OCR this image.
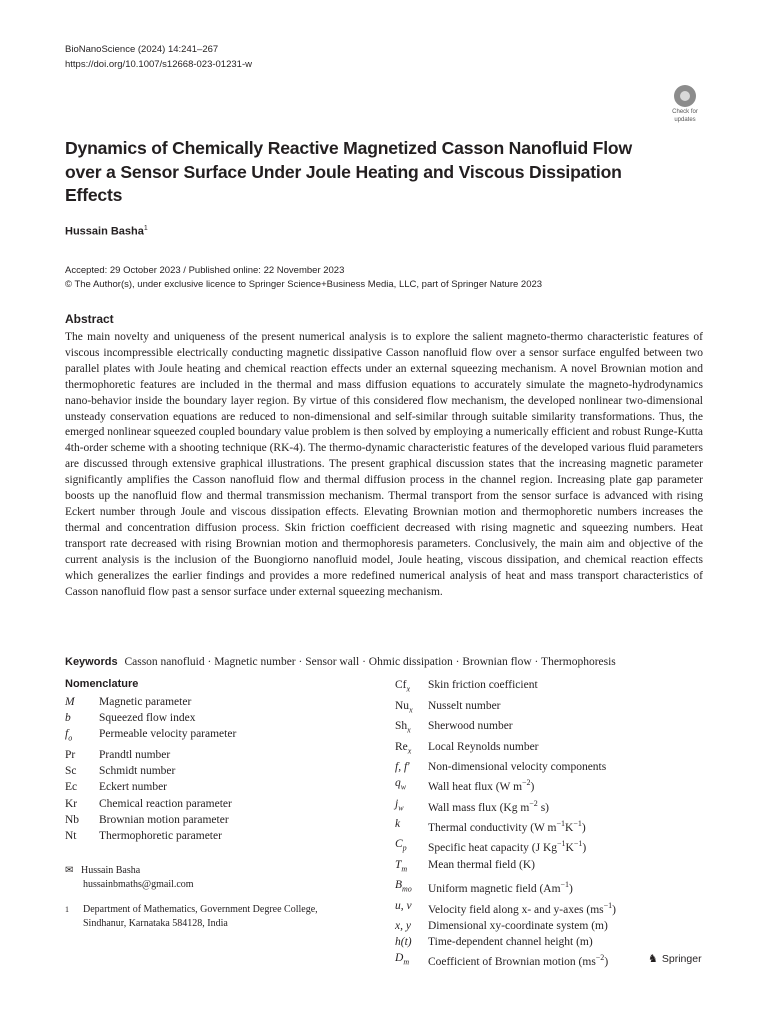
BioNanoScience (2024) 14:241–267
https://doi.org/10.1007/s12668-023-01231-w
Check for
updates
Dynamics of Chemically Reactive Magnetized Casson Nanofluid Flow over a Sensor Surface Under Joule Heating and Viscous Dissipation Effects
Hussain Basha$^1$
Accepted: 29 October 2023 / Published online: 22 November 2023
© The Author(s), under exclusive licence to Springer Science+Business Media, LLC, part of Springer Nature 2023
Abstract
The main novelty and uniqueness of the present numerical analysis is to explore the salient magneto-thermo characteristic features of viscous incompressible electrically conducting magnetic dissipative Casson nanofluid flow over a sensor surface engulfed between two parallel plates with Joule heating and chemical reaction effects under an external squeezing mechanism. A novel Brownian motion and thermophoretic features are included in the thermal and mass diffusion equations to accurately simulate the magneto-hydrodynamics nano-behavior inside the boundary layer region. By virtue of this considered flow mechanism, the developed nonlinear two-dimensional unsteady conservation equations are reduced to non-dimensional and self-similar through suitable similarity transformations. Thus, the emerged nonlinear squeezed coupled boundary value problem is then solved by employing a numerically efficient and robust Runge-Kutta 4th-order scheme with a shooting technique (RK-4). The thermo-dynamic characteristic features of the developed various fluid parameters are discussed through extensive graphical illustrations. The present graphical discussion states that the increasing magnetic parameter significantly amplifies the Casson nanofluid flow and thermal diffusion process in the channel region. Increasing plate gap parameter boosts up the nanofluid flow and thermal transmission mechanism. Thermal transport from the sensor surface is advanced with rising Eckert number through Joule and viscous dissipation effects. Elevating Brownian motion and thermophoretic numbers increases the thermal and concentration diffusion process. Skin friction coefficient decreased with rising magnetic and squeezing numbers. Heat transport rate decreased with rising Brownian motion and thermophoresis parameters. Conclusively, the main aim and objective of the current analysis is the inclusion of the Buongiorno nanofluid model, Joule heating, viscous dissipation, and chemical reaction effects which generalizes the earlier findings and provides a more redefined numerical analysis of heat and mass transport characteristics of Casson nanofluid flow past a sensor surface under external squeezing mechanism.
Keywords Casson nanofluid · Magnetic number · Sensor wall · Ohmic dissipation · Brownian flow · Thermophoresis
Nomenclature
M	Magnetic parameter
b	Squeezed flow index
$f_o$	Permeable velocity parameter
Pr	Prandtl number
Sc	Schmidt number
Ec	Eckert number
Kr	Chemical reaction parameter
Nb	Brownian motion parameter
Nt	Thermophoretic parameter
$Cf_x$	Skin friction coefficient
$Nu_x$	Nusselt number
$Sh_x$	Sherwood number
$Re_x$	Local Reynolds number
f, f′	Non-dimensional velocity components
$q_w$	Wall heat flux (W $m^{-2}$)
$j_w$	Wall mass flux (Kg $m^{-2}$ s)
k	Thermal conductivity (W $m^{-1}K^{-1}$)
$C_p$	Specific heat capacity (J $Kg^{-1}K^{-1}$)
$T_m$	Mean thermal field (K)
$B_{mo}$	Uniform magnetic field $(Am^{-1})$
u, v	Velocity field along x- and y-axes $(ms^{-1})$
x, y	Dimensional xy-coordinate system (m)
h(t)	Time-dependent channel height (m)
$D_m$	Coefficient of Brownian motion $(ms^{-2})$
✉ Hussain Basha
hussainbmaths@gmail.com
1	Department of Mathematics, Government Degree College,
Sindhanur, Karnataka 584128, India
♞ Springer
